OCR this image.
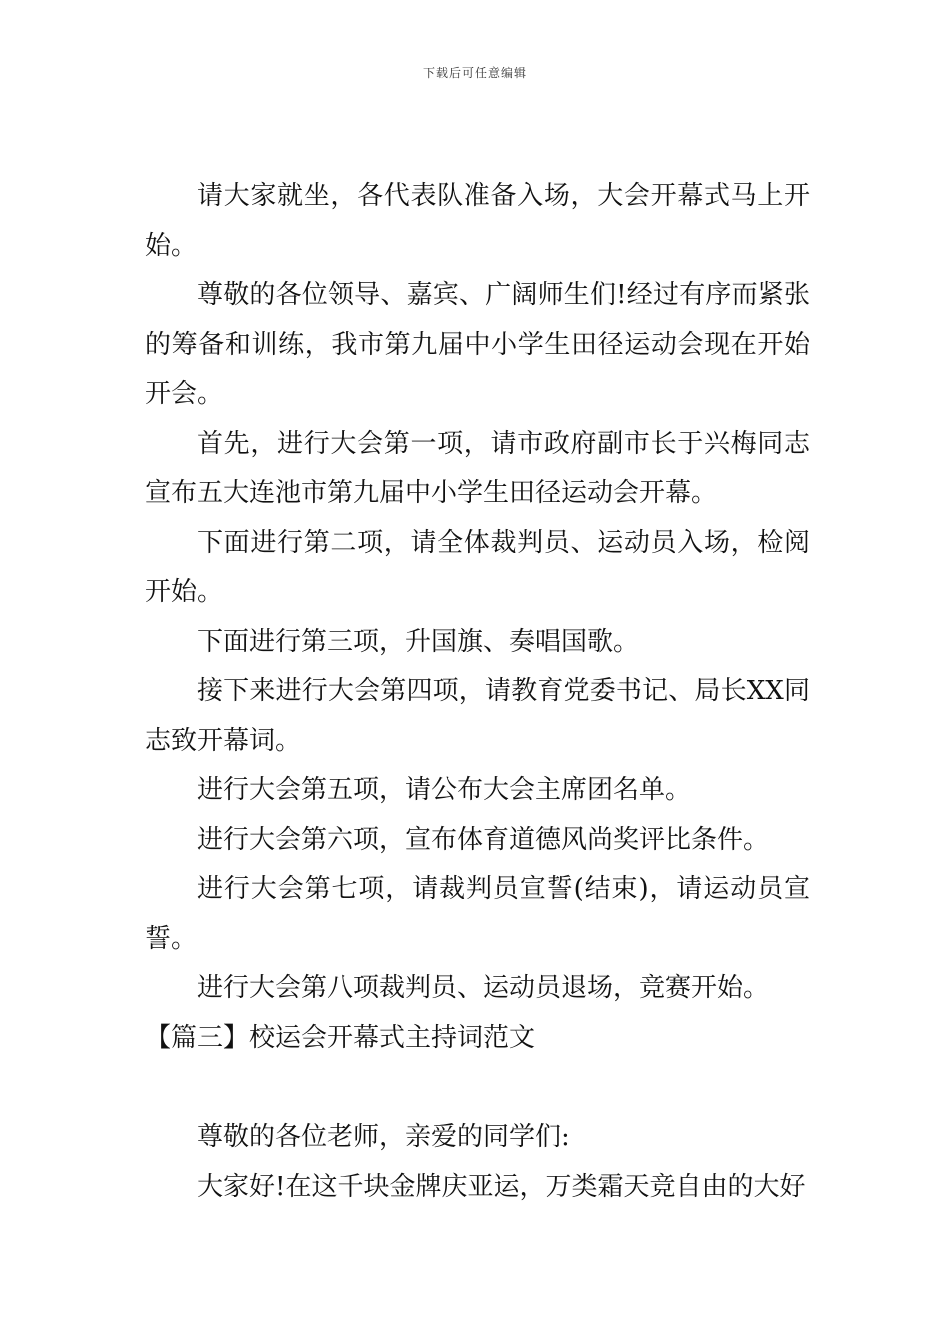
下载后可任意编辑

请大家就坐，各代表队准备入场，大会开幕式马上开始。

尊敬的各位领导、嘉宾、广阔师生们!经过有序而紧张的筹备和训练，我市第九届中小学生田径运动会现在开始开会。

首先，进行大会第一项，请市政府副市长于兴梅同志宣布五大连池市第九届中小学生田径运动会开幕。

下面进行第二项，请全体裁判员、运动员入场，检阅开始。

下面进行第三项，升国旗、奏唱国歌。

接下来进行大会第四项，请教育党委书记、局长XX同志致开幕词。

进行大会第五项，请公布大会主席团名单。

进行大会第六项，宣布体育道德风尚奖评比条件。

进行大会第七项，请裁判员宣誓(结束)，请运动员宣誓。

进行大会第八项裁判员、运动员退场，竞赛开始。

【篇三】校运会开幕式主持词范文

尊敬的各位老师，亲爱的同学们:

大家好!在这千块金牌庆亚运，万类霜天竞自由的大好
